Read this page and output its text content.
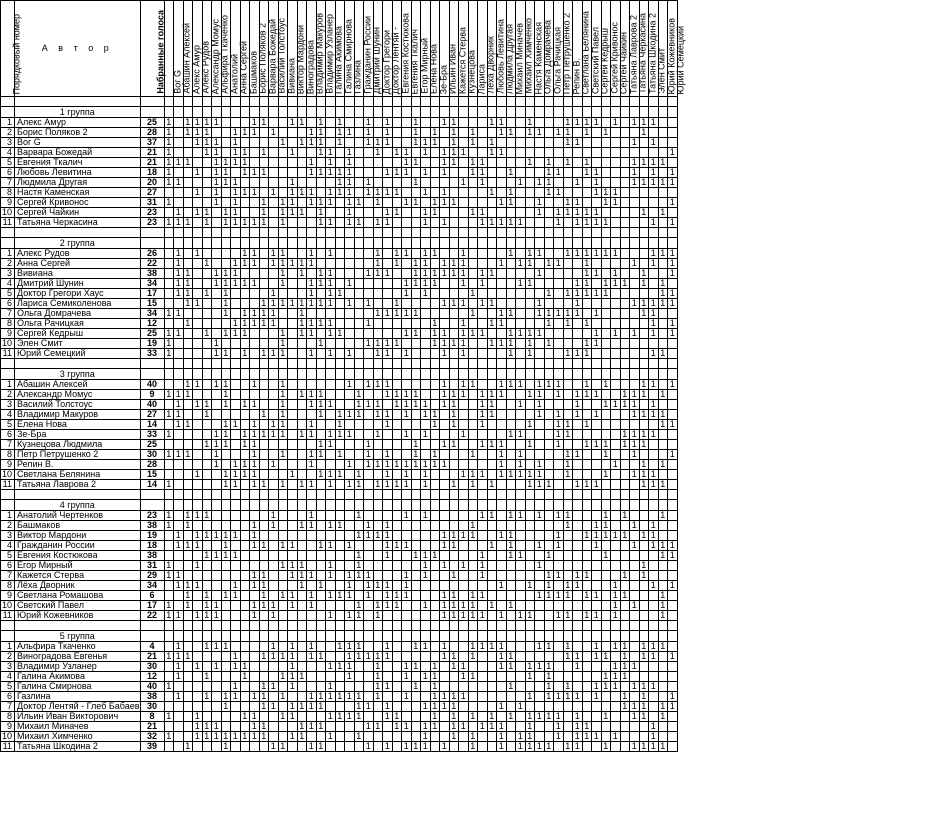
Порядковый номер	А в т о р	Набранные голоса	Вог G	Абашин Алексей	Алекс Амур	Алекс Рудов	Александр Момус	Альфира Ткаченко	Анатолий	Анна Сергей	Башмаков	Борис Поляков 2	Варвара Божедай	Василий Толстоус	Вивиана	Виктор Мардони	Виноградова	Владимир Макуров	Владимир Узланер	Галина Акимова	Галина Смирнова	Газлина	Гражданин России	Дмитрий Шунин	Доктор Грегори	Доктор Лентяй -	Евгения Костюкова	Евгения Ткалич	Егор Мирный	Елена Нова	Зе-Бра	Ильин Иван	Кажется Стерва	Кузнецова	Лариса	Лёха Дворник	Любовь Левитина	Людмила Другая	Михаил Миначев	Михаил Химченко	Настя Каменская	Ольга Домрачева	Ольга Рачицкая	Петр Петрушенко 2	Репин В.	Светлана Белянина	Светский Павел	Сергей Кедрыш	Сергей Кривонос	Сергей Чайкин	Татьяна Лаврова 2	Татьяна Черкасина	Татьяна Шкодина 2	Элен Смит	Юрий Кожевников	Юрий Семецкий

	1 группа																																																							
1	Алекс Амур	25	1		1	1	1	1				1	1			1	1		1		1			1		1			1			1	1				1	1			1				1	1	1	1		1		1	1	1		
2	Борис Поляков 2	28	1		1	1	1			1	1	1		1				1	1		1	1		1		1			1		1		1		1			1	1		1	1		1	1		1		1				1			
3	Вог G	37	1			1	1	1		1					1		1	1	1		1			1	1	1			1	1	1		1		1		1								1	1						1		1		
4	Варвара Божедай	21	1				1	1		1	1		1			1			1	1		1			1		1	1		1		1	1	1			1	1																		1
5	Евгения Ткалич	21	1	1	1			1	1	1	1							1		1		1						1	1			1	1		1	1					1		1		1		1					1	1	1	1	
6	Любовь Левитина	18	1			1		1	1		1	1	1					1	1	1	1	1				1	1	1		1		1			1	1			1				1	1			1	1				1		1		1
7	Людмила Другая	20	1	1				1	1	1						1					1	1		1					1					1		1				1		1	1			1		1				1	1	1	1	1
8	Настя Каменская	27				1		1		1	1	1		1		1	1	1		1	1	1		1	1	1	1			1		1					1		1				1	1				1	1	1						
9	Сергей Кривонос	31	1					1		1			1		1	1		1	1	1		1	1		1			1	1		1	1	1					1	1			1			1	1			1	1						1
10	Сергей Чайкин	23		1		1	1		1	1			1		1	1	1		1			1				1	1			1	1				1	1						1		1	1	1	1	1					1		1	
11	Татьяна Черкасина	23	1	1	1		1		1	1	1	1	1		1				1	1		1	1		1	1				1		1				1	1	1	1	1				1		1	1	1	1					1		1

	2 группа																																																							
1	Алекс Рудов	26		1		1					1	1		1	1			1		1					1		1	1		1	1			1					1		1	1			1	1	1	1	1	1				1	1	1
2	Анна Сергей	22		1			1			1	1	1		1	1	1	1	1							1		1		1	1		1	1	1				1		1	1		1	1			1					1		1		1
3	Вивиана	38		1	1			1	1	1					1		1		1	1				1	1	1			1	1	1	1	1	1		1	1					1					1	1		1			1			1
4	Дмитрий Шунин	34		1	1			1	1	1	1	1			1			1	1	1		1						1	1	1	1			1		1				1	1					1	1		1	1	1		1		1	
5	Доктор Грегори Хаус	17		1	1		1		1					1				1		1	1							1		1					1								1		1	1	1	1	1						1	1
6	Лариса Семиколенова	15			1	1			1				1	1	1	1	1	1	1	1		1		1			1					1	1	1		1	1					1				1						1	1	1	1	1
7	Ольга Домрачева	34	1	1					1		1	1	1	1			1								1	1	1	1	1						1			1	1			1	1	1	1	1		1					1	1		
8	Ольга Рачицкая	12			1					1	1	1	1	1			1	1	1	1				1							1			1			1	1					1		1		1							1		1
9	Сергей Кедрыш	25	1	1			1		1	1	1				1		1	1		1	1							1	1		1	1		1	1	1			1	1	1	1						1		1		1		1		1
10	Элен Смит	19	1					1							1				1					1	1	1	1				1	1	1	1			1	1	1		1		1				1	1								
11	Юрий Семецкий	33	1					1	1		1		1	1	1			1		1		1			1	1		1				1		1					1		1				1	1	1							1	1	

	3 группа																																																							
1	Абашин Алексей	40			1	1		1	1			1			1							1		1	1	1						1		1	1			1	1	1		1	1	1			1		1				1	1		1
2	Александр Момус	9	1	1	1				1						1		1	1	1				1			1	1	1	1			1	1	1		1	1	1			1	1		1		1	1	1			1	1	1		1	
3	Василий Толстоус	40		1		1	1		1		1	1			1			1	1	1			1	1	1		1	1	1	1		1	1			1	1			1		1				1			1	1	1	1		1		
4	Владимир Макуров	27	1	1			1						1		1				1		1	1	1		1	1		1		1	1		1			1	1					1		1		1		1				1	1	1	1	
5	Елена Нова	14		1	1				1	1		1		1	1			1			1					1					1		1			1					1			1	1		1								1	1
6	Зе-Бра	33	1					1	1		1	1	1	1	1		1	1		1	1	1			1			1		1				1					1	1				1	1						1	1	1	1		
7	Кузнецова Людмила	25					1	1	1		1	1							1	1				1					1			1	1			1	1	1			1			1			1	1	1		1	1	1			
8	Петр Петрушенко 2	30	1	1	1			1				1			1			1	1		1			1		1			1		1				1			1		1					1	1			1			1				1
9	Репин В.	28						1		1	1	1		1				1				1		1	1	1	1	1	1	1	1	1						1		1		1			1					1			1		1	
10	Светлана Белянина	15				1			1	1	1	1				1			1	1	1		1			1		1		1				1	1	1		1	1	1	1	1			1				1			1	1	1		
11	Татьяна Лаврова 2	14	1						1	1		1	1		1		1	1		1		1	1		1	1	1	1		1			1		1		1				1	1	1			1	1	1					1	1	1	

	4 группа																																																							
1	Анатолий Чертенков	23	1		1	1	1							1				1					1					1		1						1	1		1	1		1		1	1				1		1				1	
2	Башмаков	38	1		1							1		1			1	1		1	1			1		1									1										1			1	1			1		1		
3	Виктор Мардони	19		1		1	1	1	1	1		1											1	1	1	1						1	1	1	1			1	1					1			1	1	1	1	1		1	1		
4	Гражданин России	18		1	1	1			1			1	1		1	1			1	1		1				1	1	1				1	1				1		1			1		1				1				1		1	1	1
5	Евгения Костюкова	38					1	1	1	1													1			1			1	1	1					1			1	1			1						1						1	1
6	Егор Мирный	31	1			1									1	1	1			1			1							1		1		1		1						1											1			
7	Кажется Стерва	29	1	1								1	1			1	1	1		1		1	1	1				1		1			1			1							1	1		1	1				1		1			
8	Лёха Дворник	34		1	1	1				1		1	1				1		1			1		1	1	1		1										1			1		1		1	1				1				1		1
9	Светлана Ромашова	6			1		1		1	1			1		1	1		1		1	1	1		1		1	1	1				1	1		1	1						1	1	1	1		1	1		1	1				1	
10	Светский Павел	17	1		1		1	1				1	1	1		1		1					1		1	1	1			1		1	1	1	1		1		1											1		1			1	
11	Юрий Кожевников	22	1	1		1	1	1				1		1						1		1	1		1							1	1	1	1	1		1		1	1			1	1		1	1		1					1	

	5 группа																																																							
1	Альфира Ткаченко	4		1			1	1	1					1		1		1			1	1	1			1			1	1		1			1	1	1	1				1	1		1			1		1	1		1	1	1	
2	Виноградова Евгенья	21	1	1	1					1			1	1	1	1		1	1			1	1	1	1	1						1	1		1			1	1						1	1		1	1		1		1	1		1
3	Владимир Узланер	30		1		1		1		1	1					1				1	1	1			1			1	1		1		1	1				1	1		1	1	1			1				1	1	1				
4	Галина Акимова	12		1			1				1				1	1	1					1			1			1		1	1			1	1						1		1						1	1	1					
5	Галина Смирнова	40	1							1			1	1		1				1					1	1			1		1								1				1		1			1	1	1		1	1	1		
6	Газлина	38		1			1		1	1		1	1		1			1	1	1	1	1	1		1			1			1	1	1	1							1		1	1	1	1		1			1		1			1
7	Доктор Лентяй - Глеб Бабаев	30							1				1	1		1	1	1	1				1	1		1				1	1	1	1					1		1											1	1	1		1	1
8	Ильин Иван Викторович	8	1			1					1	1			1	1				1	1	1	1			1	1				1		1		1		1		1		1	1	1	1		1			1			1	1		1	
9	Михаил Миначев	21				1	1	1				1	1				1	1	1					1	1		1	1		1	1		1	1		1	1	1			1			1		1	1							1		
10	Михаил Химченко	32	1			1	1	1	1	1	1	1	1			1	1			1			1							1			1		1			1		1	1			1		1	1	1		1				1		
11	Татьяна Шкодина 2	39			1				1					1	1			1	1					1		1		1	1	1		1			1			1		1	1	1	1		1	1			1			1	1	1	1	
